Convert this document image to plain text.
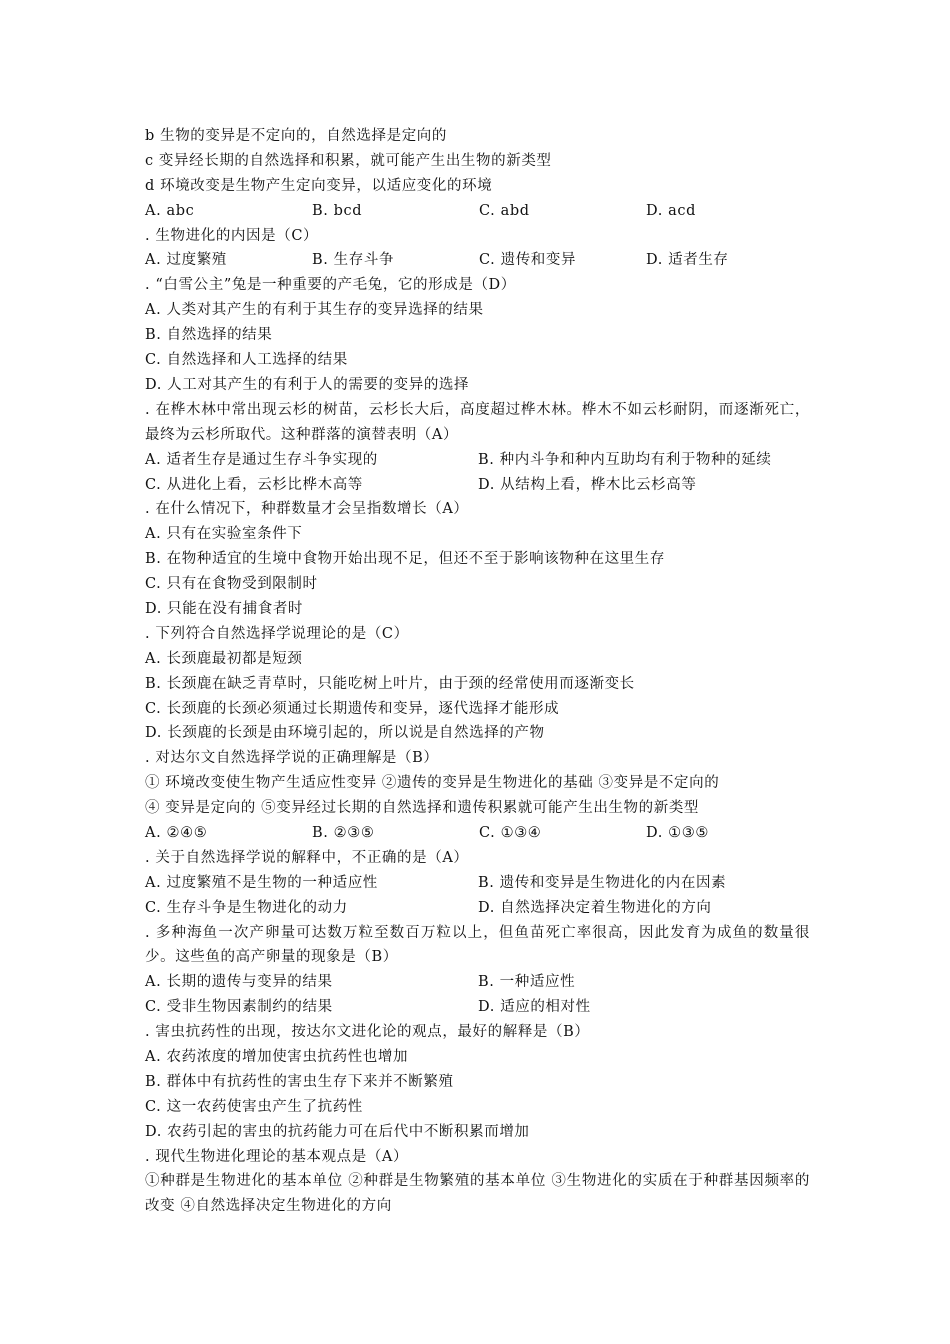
b 生物的变异是不定向的，自然选择是定向的
c 变异经长期的自然选择和积累，就可能产生出生物的新类型
d 环境改变是生物产生定向变异，以适应变化的环境
A. abc	B. bcd	C. abd	D. acd
. 生物进化的内因是（C）
A. 过度繁殖	B. 生存斗争	C. 遗传和变异	D. 适者生存
. “白雪公主”兔是一种重要的产毛兔，它的形成是（D）
A. 人类对其产生的有利于其生存的变异选择的结果
B. 自然选择的结果
C. 自然选择和人工选择的结果
D. 人工对其产生的有利于人的需要的变异的选择
. 在桦木林中常出现云杉的树苗，云杉长大后，高度超过桦木林。桦木不如云杉耐阴，而逐渐死亡，最终为云杉所取代。这种群落的演替表明（A）
A. 适者生存是通过生存斗争实现的	B. 种内斗争和种内互助均有利于物种的延续
C. 从进化上看，云杉比桦木高等	D. 从结构上看，桦木比云杉高等
. 在什么情况下，种群数量才会呈指数增长（A）
A. 只有在实验室条件下
B. 在物种适宜的生境中食物开始出现不足，但还不至于影响该物种在这里生存
C. 只有在食物受到限制时
D. 只能在没有捕食者时
. 下列符合自然选择学说理论的是（C）
A. 长颈鹿最初都是短颈
B. 长颈鹿在缺乏青草时，只能吃树上叶片，由于颈的经常使用而逐渐变长
C. 长颈鹿的长颈必须通过长期遗传和变异，逐代选择才能形成
D. 长颈鹿的长颈是由环境引起的，所以说是自然选择的产物
. 对达尔文自然选择学说的正确理解是（B）
① 环境改变使生物产生适应性变异 ②遗传的变异是生物进化的基础 ③变异是不定向的
④ 变异是定向的 ⑤变异经过长期的自然选择和遗传积累就可能产生出生物的新类型
A. ②④⑤	B. ②③⑤	C. ①③④	D. ①③⑤
. 关于自然选择学说的解释中，不正确的是（A）
A. 过度繁殖不是生物的一种适应性	B. 遗传和变异是生物进化的内在因素
C. 生存斗争是生物进化的动力	D. 自然选择决定着生物进化的方向
. 多种海鱼一次产卵量可达数万粒至数百万粒以上，但鱼苗死亡率很高，因此发育为成鱼的数量很少。这些鱼的高产卵量的现象是（B）
A. 长期的遗传与变异的结果	B. 一种适应性
C. 受非生物因素制约的结果	D. 适应的相对性
. 害虫抗药性的出现，按达尔文进化论的观点，最好的解释是（B）
A. 农药浓度的增加使害虫抗药性也增加
B. 群体中有抗药性的害虫生存下来并不断繁殖
C. 这一农药使害虫产生了抗药性
D. 农药引起的害虫的抗药能力可在后代中不断积累而增加
. 现代生物进化理论的基本观点是（A）
①种群是生物进化的基本单位 ②种群是生物繁殖的基本单位 ③生物进化的实质在于种群基因频率的改变 ④自然选择决定生物进化的方向
